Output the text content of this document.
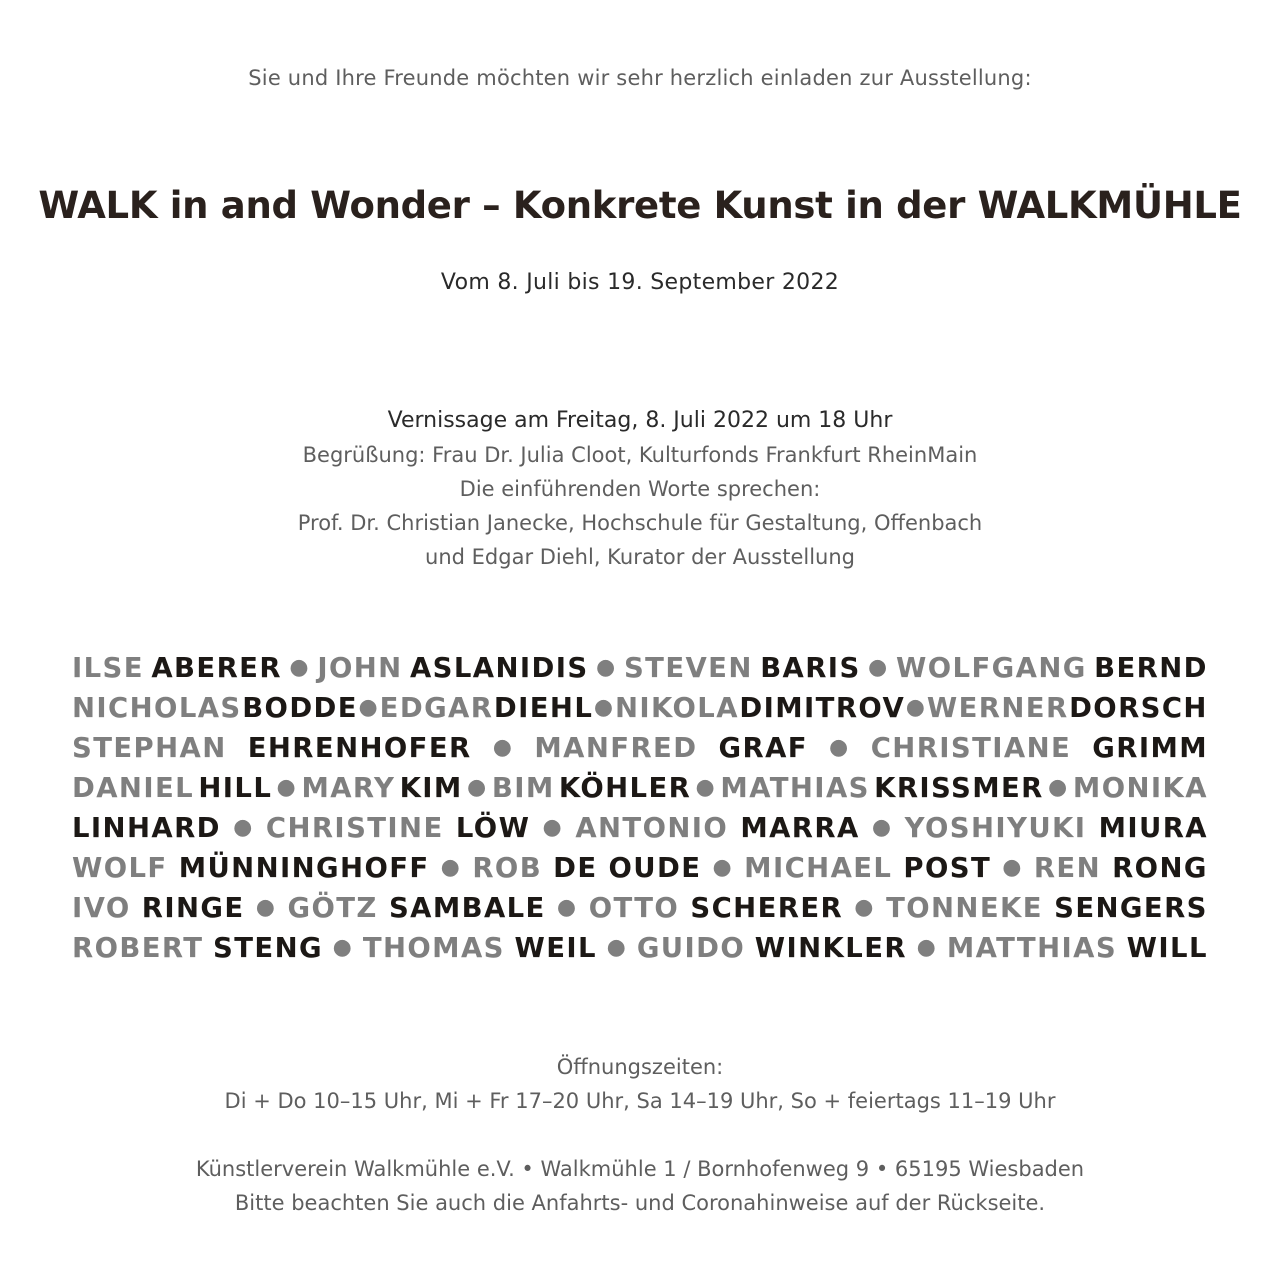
Sie und Ihre Freunde möchten wir sehr herzlich einladen zur Ausstellung:
WALK in and Wonder – Konkrete Kunst in der WALKMÜHLE
Vom 8. Juli bis 19. September 2022
Vernissage am Freitag, 8. Juli 2022 um 18 Uhr
Begrüßung: Frau Dr. Julia Cloot, Kulturfonds Frankfurt RheinMain
Die einführenden Worte sprechen:
Prof. Dr. Christian Janecke, Hochschule für Gestaltung, Offenbach
und Edgar Diehl, Kurator der Ausstellung
ILSE ABERER ● JOHN ASLANIDIS ● STEVEN BARIS ● WOLFGANG BERND
NICHOLAS BODDE ● EDGAR DIEHL ● NIKOLA DIMITROV ● WERNER DORSCH
STEPHAN EHRENHOFER ● MANFRED GRAF ● CHRISTIANE GRIMM
DANIEL HILL ● MARY KIM ● BIM KÖHLER ● MATHIAS KRISSMER ● MONIKA
LINHARD ● CHRISTINE LÖW ● ANTONIO MARRA ● YOSHIYUKI MIURA
WOLF MÜNNINGHOFF ● ROB DE OUDE ● MICHAEL POST ● REN RONG
IVO RINGE ● GÖTZ SAMBALE ● OTTO SCHERER ● TONNEKE SENGERS
ROBERT STENG ● THOMAS WEIL ● GUIDO WINKLER ● MATTHIAS WILL
Öffnungszeiten:
Di + Do 10–15 Uhr, Mi + Fr 17–20 Uhr, Sa 14–19 Uhr, So + feiertags 11–19 Uhr
Künstlerverein Walkmühle e.V. • Walkmühle 1 / Bornhofenweg 9 • 65195 Wiesbaden
Bitte beachten Sie auch die Anfahrts- und Coronahinweise auf der Rückseite.
